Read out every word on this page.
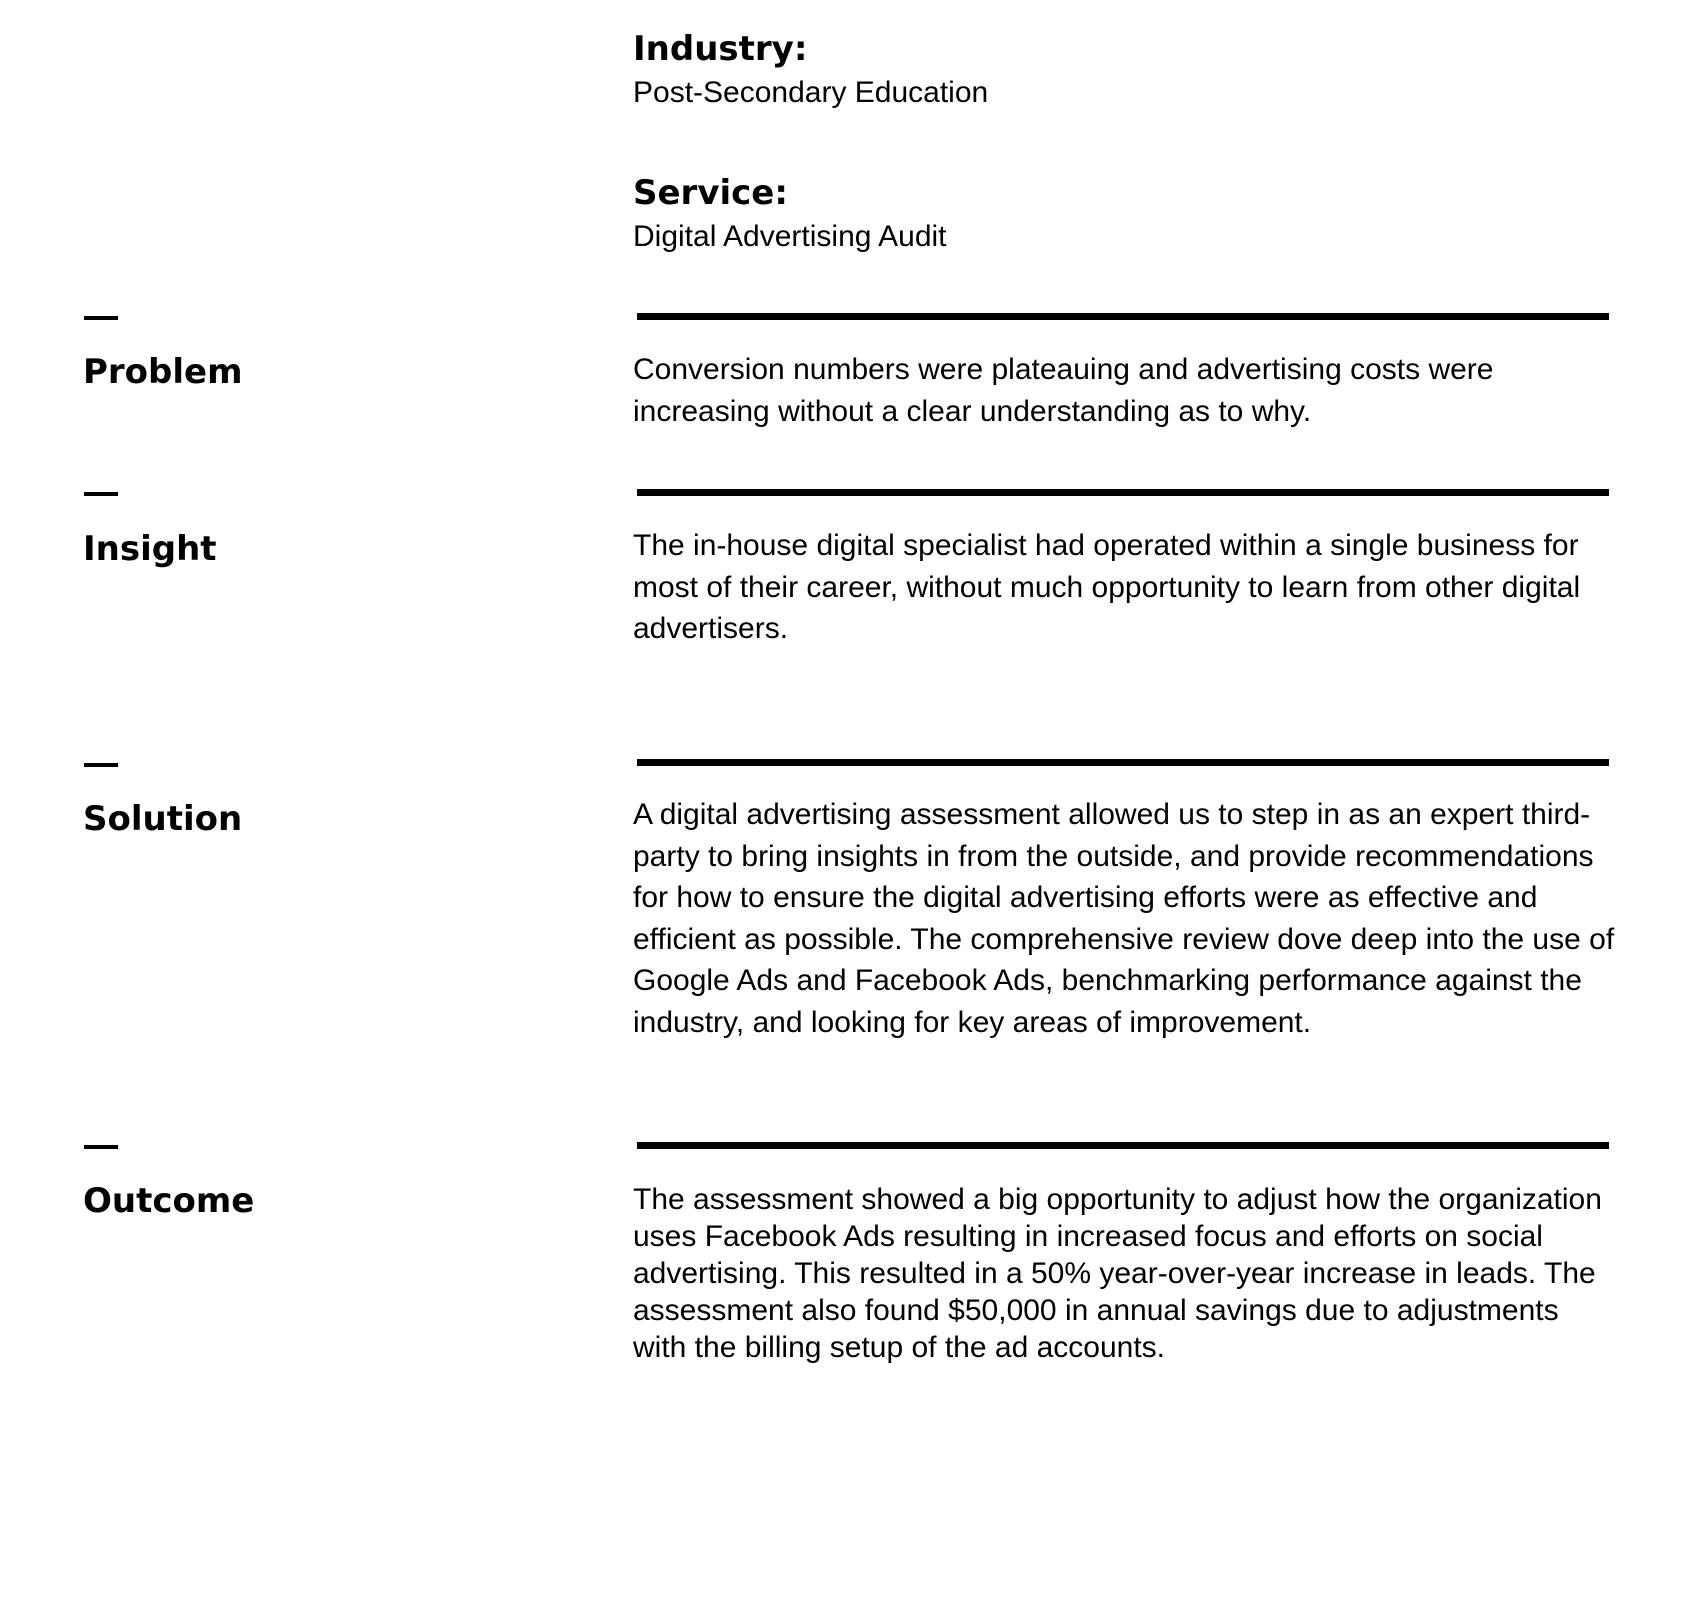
Industry:

Post-Secondary Education

Service:

Digital Advertising Audit

Problem	Conversion numbers were plateauing and advertising costs were increasing without a clear understanding as to why.

Insight	The in-house digital specialist had operated within a single business for most of their career, without much opportunity to learn from other digital advertisers.

Solution	A digital advertising assessment allowed us to step in as an expert third-party to bring insights in from the outside, and provide recommendations for how to ensure the digital advertising efforts were as effective and efficient as possible. The comprehensive review dove deep into the use of Google Ads and Facebook Ads, benchmarking performance against the industry, and looking for key areas of improvement.

Outcome	The assessment showed a big opportunity to adjust how the organization uses Facebook Ads resulting in increased focus and efforts on social advertising. This resulted in a 50% year-over-year increase in leads. The assessment also found $50,000 in annual savings due to adjustments with the billing setup of the ad accounts.
